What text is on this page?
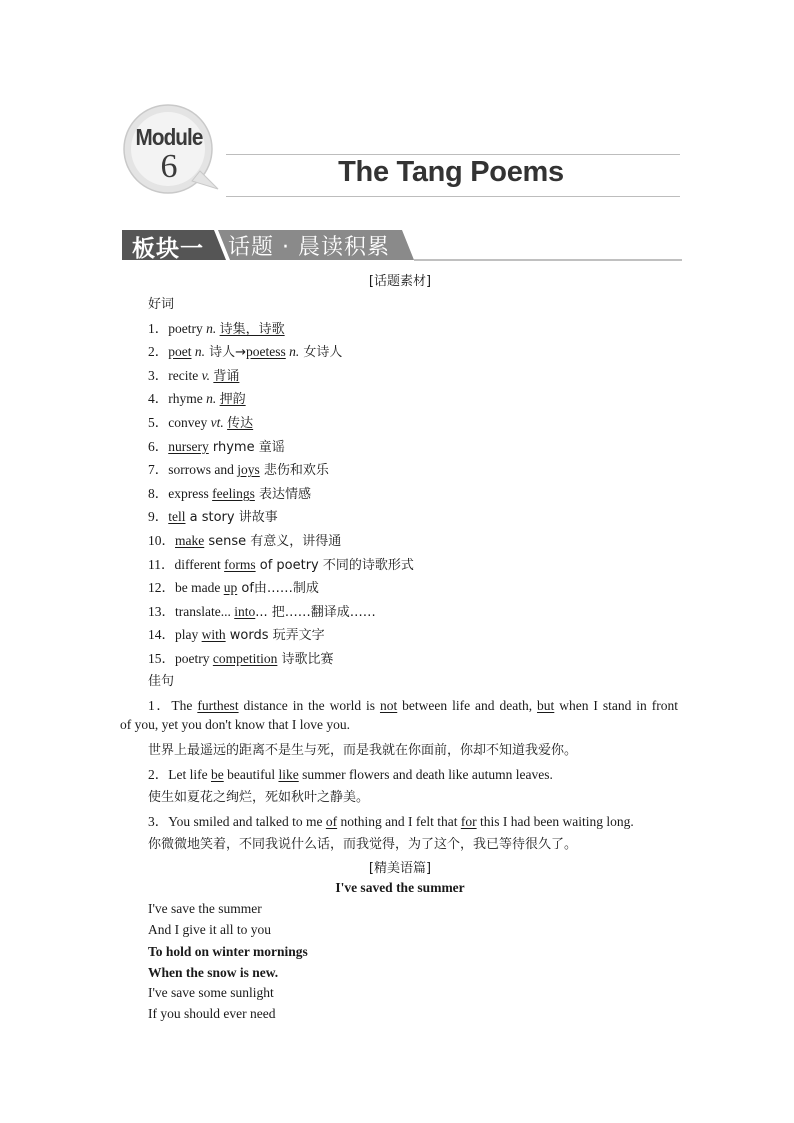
Module
6	The Tang Poems
板块一 话题 · 晨读积累
[话题素材]
好词
1．poetry n. 诗集，诗歌
2．poet n. 诗人→poetess n. 女诗人
3．recite v. 背诵
4．rhyme n. 押韵
5．convey vt. 传达
6．nursery rhyme 童谣
7．sorrows and joys 悲伤和欢乐
8．express feelings 表达情感
9．tell a story 讲故事
10．make sense 有意义，讲得通
11．different forms of poetry 不同的诗歌形式
12．be made up of由……制成
13．translate... into... 把……翻译成……
14．play with words 玩弄文字
15．poetry competition 诗歌比赛
佳句
1．The furthest distance in the world is not between life and death, but when I stand in front
of you, yet you don't know that I love you.
世界上最遥远的距离不是生与死，而是我就在你面前，你却不知道我爱你。
2．Let life be beautiful like summer flowers and death like autumn leaves.
使生如夏花之绚烂，死如秋叶之静美。
3．You smiled and talked to me of nothing and I felt that for this I had been waiting long.
你微微地笑着，不同我说什么话，而我觉得，为了这个，我已等待很久了。
[精美语篇]
I've saved the summer
I've save the summer
And I give it all to you
To hold on winter mornings
When the snow is new.
I've save some sunlight
If you should ever need
